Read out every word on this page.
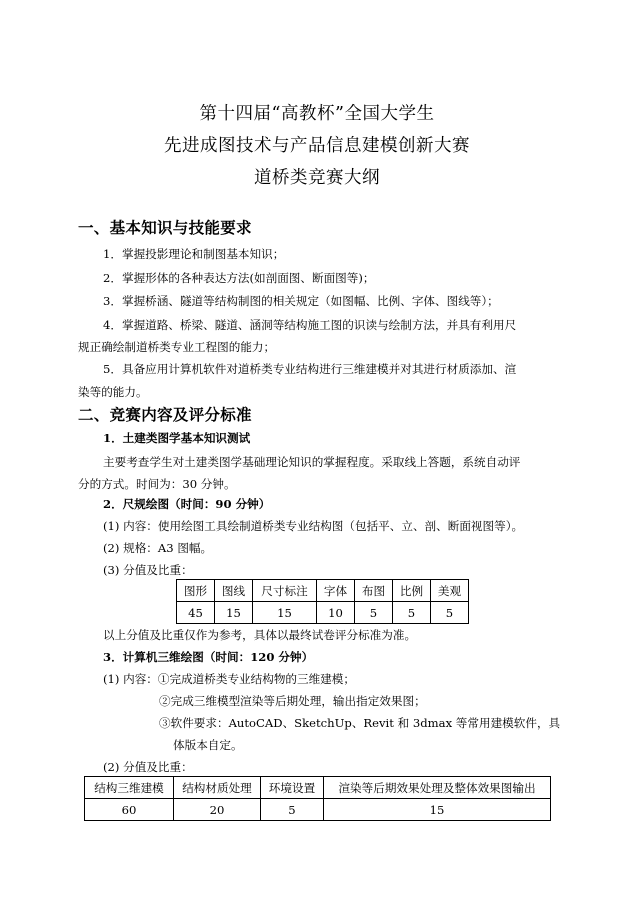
第十四届“高教杯”全国大学生
先进成图技术与产品信息建模创新大赛
道桥类竞赛大纲
一、基本知识与技能要求
1．掌握投影理论和制图基本知识；
2．掌握形体的各种表达方法(如剖面图、断面图等)；
3．掌握桥涵、隧道等结构制图的相关规定（如图幅、比例、字体、图线等）；
4．掌握道路、桥梁、隧道、涵洞等结构施工图的识读与绘制方法，并具有利用尺
规正确绘制道桥类专业工程图的能力；
5．具备应用计算机软件对道桥类专业结构进行三维建模并对其进行材质添加、渲
染等的能力。
二、竞赛内容及评分标准
1．土建类图学基本知识测试
主要考查学生对土建类图学基础理论知识的掌握程度。采取线上答题，系统自动评
分的方式。时间为：30 分钟。
2．尺规绘图（时间：90 分钟）
(1) 内容：使用绘图工具绘制道桥类专业结构图（包括平、立、剖、断面视图等）。
(2) 规格：A3 图幅。
(3) 分值及比重：
图形	图线	尺寸标注	字体	布图	比例	美观
45	15	15	10	5	5	5
以上分值及比重仅作为参考，具体以最终试卷评分标准为准。
3．计算机三维绘图（时间：120 分钟）
(1) 内容：①完成道桥类专业结构物的三维建模；
②完成三维模型渲染等后期处理，输出指定效果图；
③软件要求：AutoCAD、SketchUp、Revit 和 3dmax 等常用建模软件，具
体版本自定。
(2) 分值及比重：
结构三维建模	结构材质处理	环境设置	渲染等后期效果处理及整体效果图输出
60	20	5	15
